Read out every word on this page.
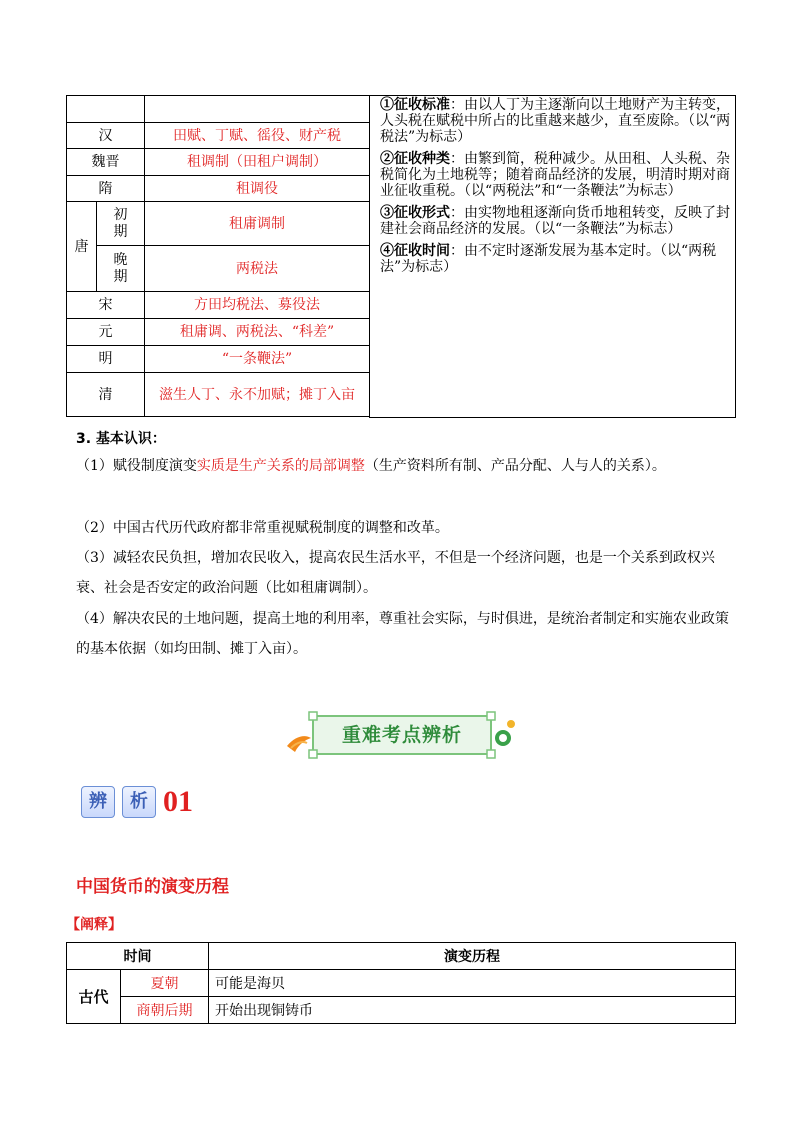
			①征收标准：由以人丁为主逐渐向以土地财产为主转变，人头税在赋税中所占的比重越来越少，直至废除。（以“两税法”为标志）

②征收种类：由繁到简，税种减少。从田租、人头税、杂税简化为土地税等；随着商品经济的发展，明清时期对商业征收重税。（以“两税法”和“一条鞭法”为标志）

③征收形式：由实物地租逐渐向货币地租转变，反映了封建社会商品经济的发展。（以“一条鞭法”为标志）

④征收时间：由不定时逐渐发展为基本定时。（以“两税法”为标志）

汉		田赋、丁赋、徭役、财产税	
魏晋		租调制（田租户调制）	
隋		租调役	
唐	初期	租庸调制	
	晚期	两税法	
宋		方田均税法、募役法	
元		租庸调、两税法、“科差”	
明		“一条鞭法”	
清		滋生人丁、永不加赋；摊丁入亩	

3. 基本认识：
（1）赋役制度演变实质是生产关系的局部调整（生产资料所有制、产品分配、人与人的关系）。
（2）中国古代历代政府都非常重视赋税制度的调整和改革。
（3）减轻农民负担，增加农民收入，提高农民生活水平，不但是一个经济问题，也是一个关系到政权兴衰、社会是否安定的政治问题（比如租庸调制）。
（4）解决农民的土地问题，提高土地的利用率，尊重社会实际，与时俱进，是统治者制定和实施农业政策的基本依据（如均田制、摊丁入亩）。
重难考点辨析
辨	析 01
中国货币的演变历程
【阐释】
时间		演变历程
古代	夏朝	可能是海贝
	商朝后期	开始出现铜铸币
